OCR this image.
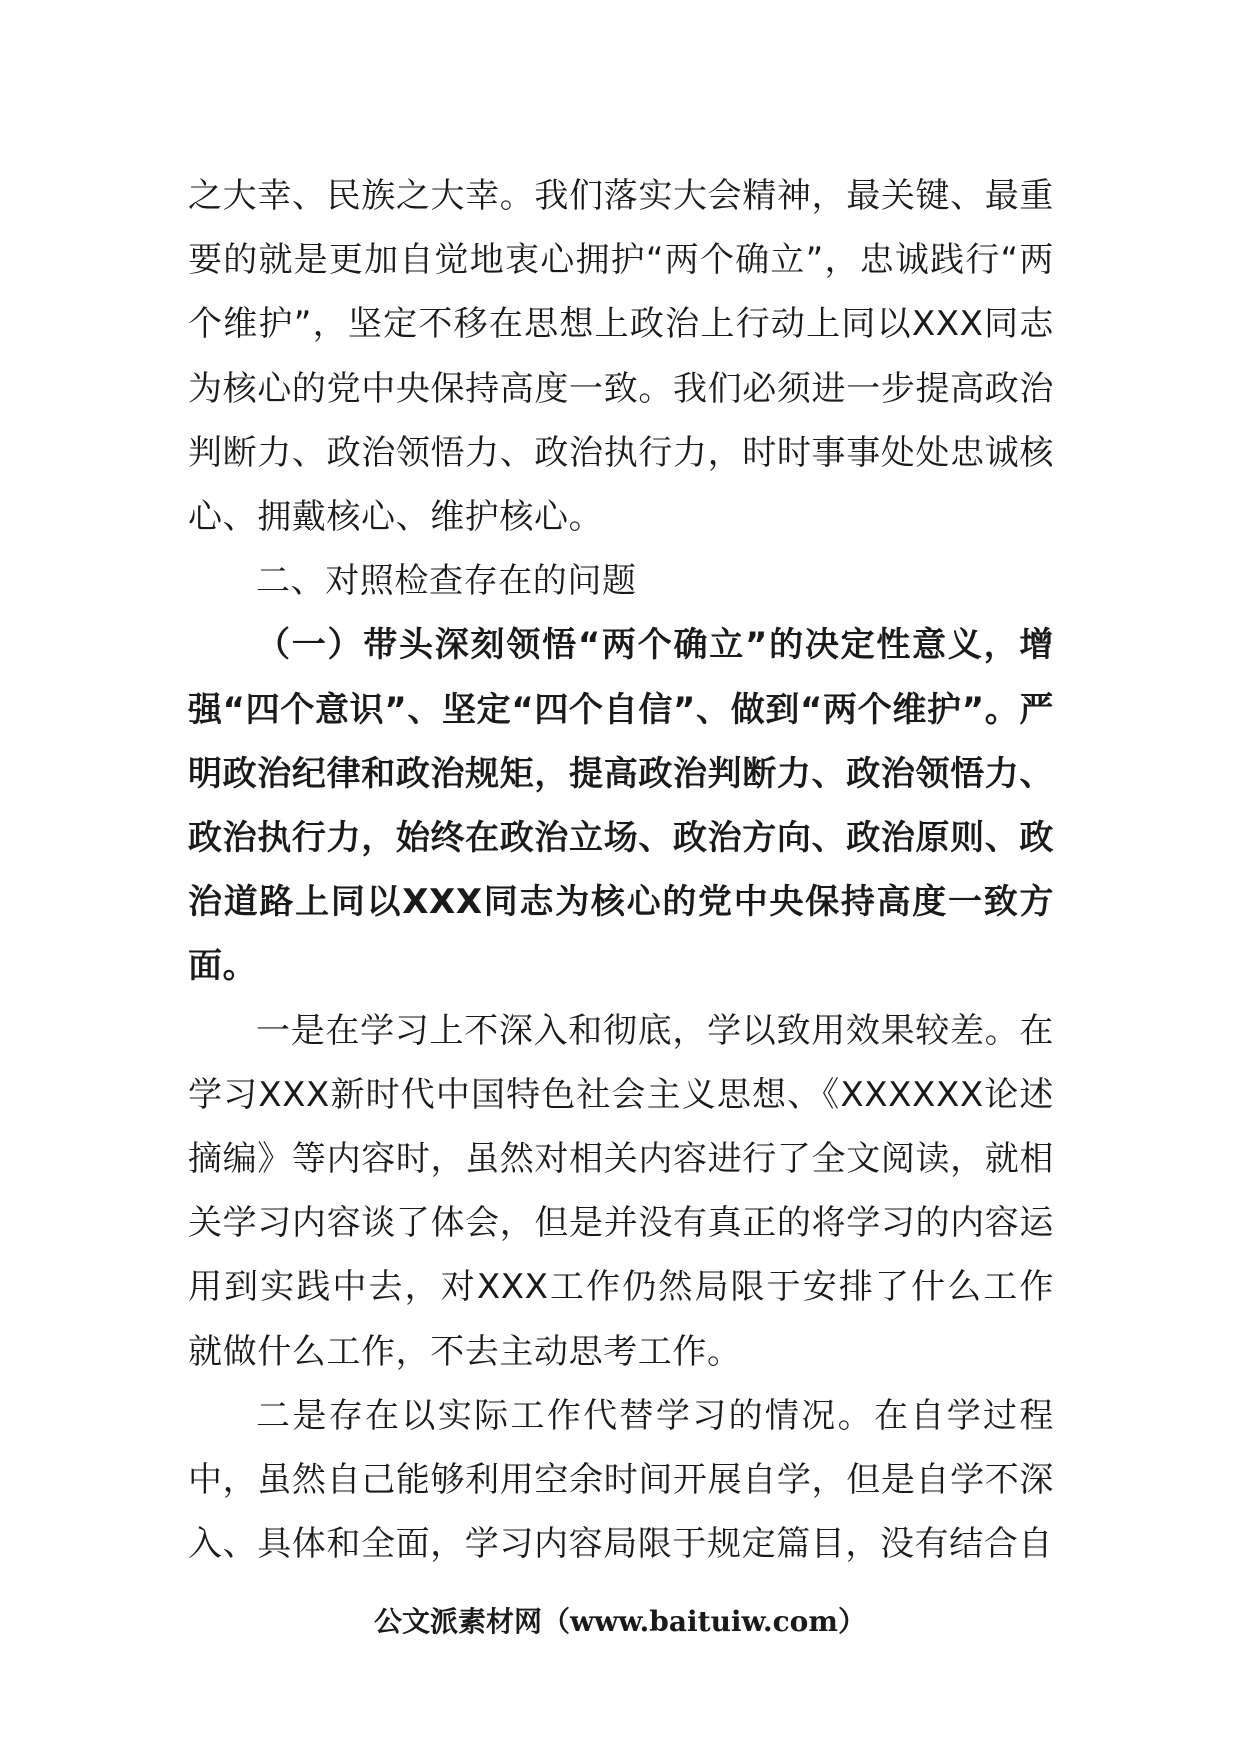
之大幸、民族之大幸。我们落实大会精神，最关键、最重要的就是更加自觉地衷心拥护“两个确立”，忠诚践行“两个维护”，坚定不移在思想上政治上行动上同以XXX同志为核心的党中央保持高度一致。我们必须进一步提高政治判断力、政治领悟力、政治执行力，时时事事处处忠诚核心、拥戴核心、维护核心。

二、对照检查存在的问题

（一）带头深刻领悟“两个确立”的决定性意义，增强“四个意识”、坚定“四个自信”、做到“两个维护”。严明政治纪律和政治规矩，提高政治判断力、政治领悟力、政治执行力，始终在政治立场、政治方向、政治原则、政治道路上同以XXX同志为核心的党中央保持高度一致方面。

一是在学习上不深入和彻底，学以致用效果较差。在学习XXX新时代中国特色社会主义思想、《XXXXXX论述摘编》等内容时，虽然对相关内容进行了全文阅读，就相关学习内容谈了体会，但是并没有真正的将学习的内容运用到实践中去，对XXX工作仍然局限于安排了什么工作就做什么工作，不去主动思考工作。

二是存在以实际工作代替学习的情况。在自学过程中，虽然自己能够利用空余时间开展自学，但是自学不深入、具体和全面，学习内容局限于规定篇目，没有结合自

公文派素材网（www.baituiw.com）
